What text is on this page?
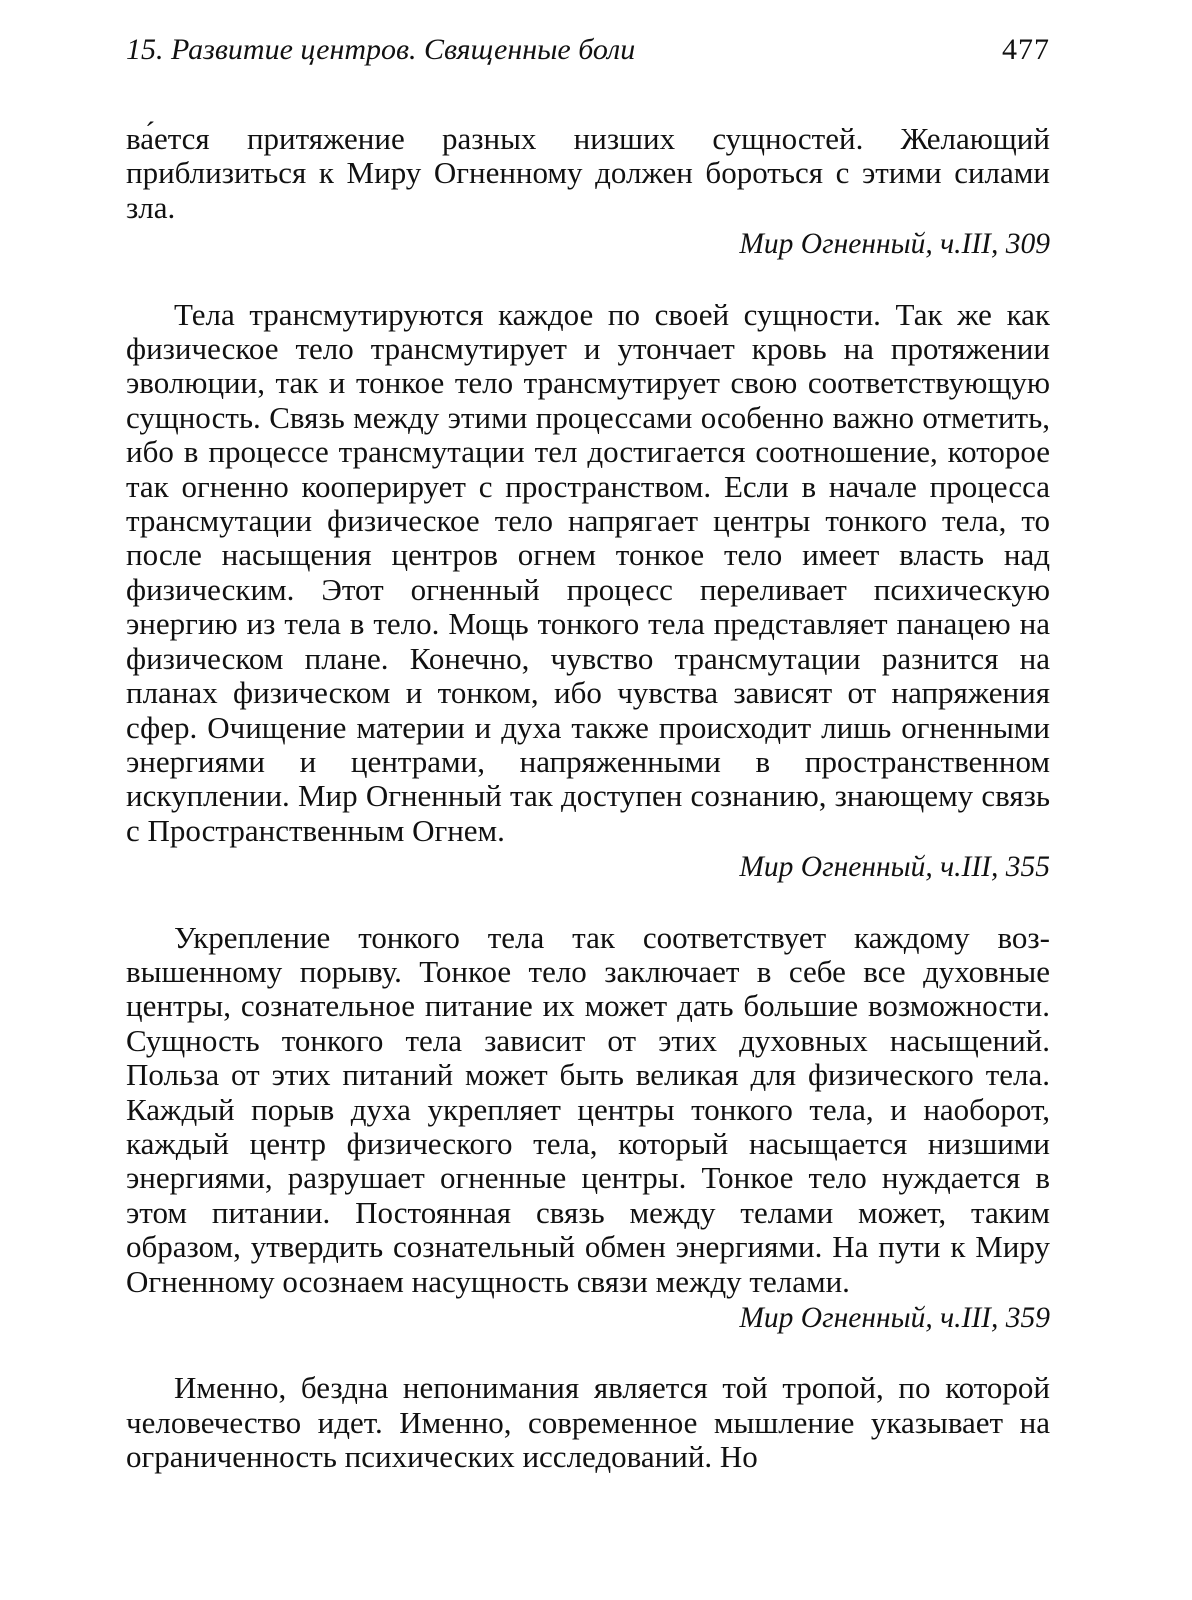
15. Развитие центров. Священные боли	477

ва́ется притяжение разных низших сущностей. Желающий приблизиться к Миру Огненному должен бороться с этими силами зла.

Мир Огненный, ч.III, 309

Тела трансмутируются каждое по своей сущности. Так же как физическое тело трансмутирует и утончает кровь на протяжении эволюции, так и тонкое тело трансмутирует свою соответствующую сущность. Связь между этими процессами особенно важно отметить, ибо в процессе трансмутации тел достигается соотношение, которое так огненно кооперирует с пространством. Если в начале процесса трансмутации физическое тело напрягает центры тонкого тела, то после насыщения центров огнем тонкое тело имеет власть над физическим. Этот огненный процесс переливает психическую энергию из тела в тело. Мощь тонкого тела представляет панацею на физическом плане. Конечно, чувство трансмутации разнится на планах физическом и тонком, ибо чувства зависят от напряжения сфер. Очищение материи и духа также происходит лишь огненными энергиями и центрами, напряженными в пространственном искуплении. Мир Огненный так доступен сознанию, знающему связь с Пространственным Огнем.

Мир Огненный, ч.III, 355

Укрепление тонкого тела так соответствует каждому возвышенному порыву. Тонкое тело заключает в себе все духовные центры, сознательное питание их может дать большие возможности. Сущность тонкого тела зависит от этих духовных насыщений. Польза от этих питаний может быть великая для физического тела. Каждый порыв духа укрепляет центры тонкого тела, и наоборот, каждый центр физического тела, который насыщается низшими энергиями, разрушает огненные центры. Тонкое тело нуждается в этом питании. Постоянная связь между телами может, таким образом, утвердить сознательный обмен энергиями. На пути к Миру Огненному осознаем насущность связи между телами.

Мир Огненный, ч.III, 359

Именно, бездна непонимания является той тропой, по которой человечество идет. Именно, современное мышление указывает на ограниченность психических исследований. Но
